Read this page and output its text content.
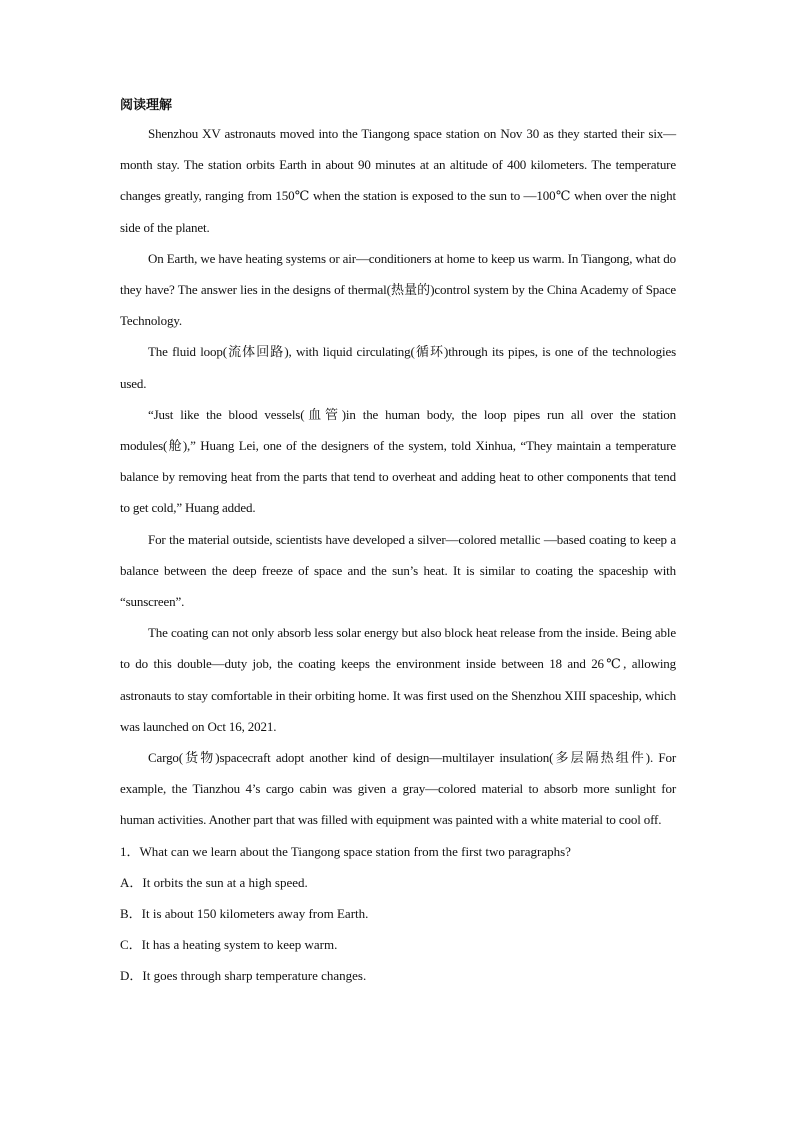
阅读理解

Shenzhou XV astronauts moved into the Tiangong space station on Nov 30 as they started their six—month stay. The station orbits Earth in about 90 minutes at an altitude of 400 kilometers. The temperature changes greatly, ranging from 150℃ when the station is exposed to the sun to —100℃ when over the night side of the planet.

On Earth, we have heating systems or air—conditioners at home to keep us warm. In Tiangong, what do they have? The answer lies in the designs of thermal(热量的)control system by the China Academy of Space Technology.

The fluid loop(流体回路), with liquid circulating(循环)through its pipes, is one of the technologies used.

“Just like the blood vessels(血管)in the human body, the loop pipes run all over the station modules(舱),” Huang Lei, one of the designers of the system, told Xinhua, “They maintain a temperature balance by removing heat from the parts that tend to overheat and adding heat to other components that tend to get cold,” Huang added.

For the material outside, scientists have developed a silver—colored metallic —based coating to keep a balance between the deep freeze of space and the sun’s heat. It is similar to coating the spaceship with “sunscreen”.

The coating can not only absorb less solar energy but also block heat release from the inside. Being able to do this double—duty job, the coating keeps the environment inside between 18 and 26℃, allowing astronauts to stay comfortable in their orbiting home. It was first used on the Shenzhou XIII spaceship, which was launched on Oct 16, 2021.

Cargo(货物)spacecraft adopt another kind of design—multilayer insulation(多层隔热组件). For example, the Tianzhou 4’s cargo cabin was given a gray—colored material to absorb more sunlight for human activities. Another part that was filled with equipment was painted with a white material to cool off.

1．What can we learn about the Tiangong space station from the first two paragraphs?

A．It orbits the sun at a high speed.

B．It is about 150 kilometers away from Earth.

C．It has a heating system to keep warm.

D．It goes through sharp temperature changes.
